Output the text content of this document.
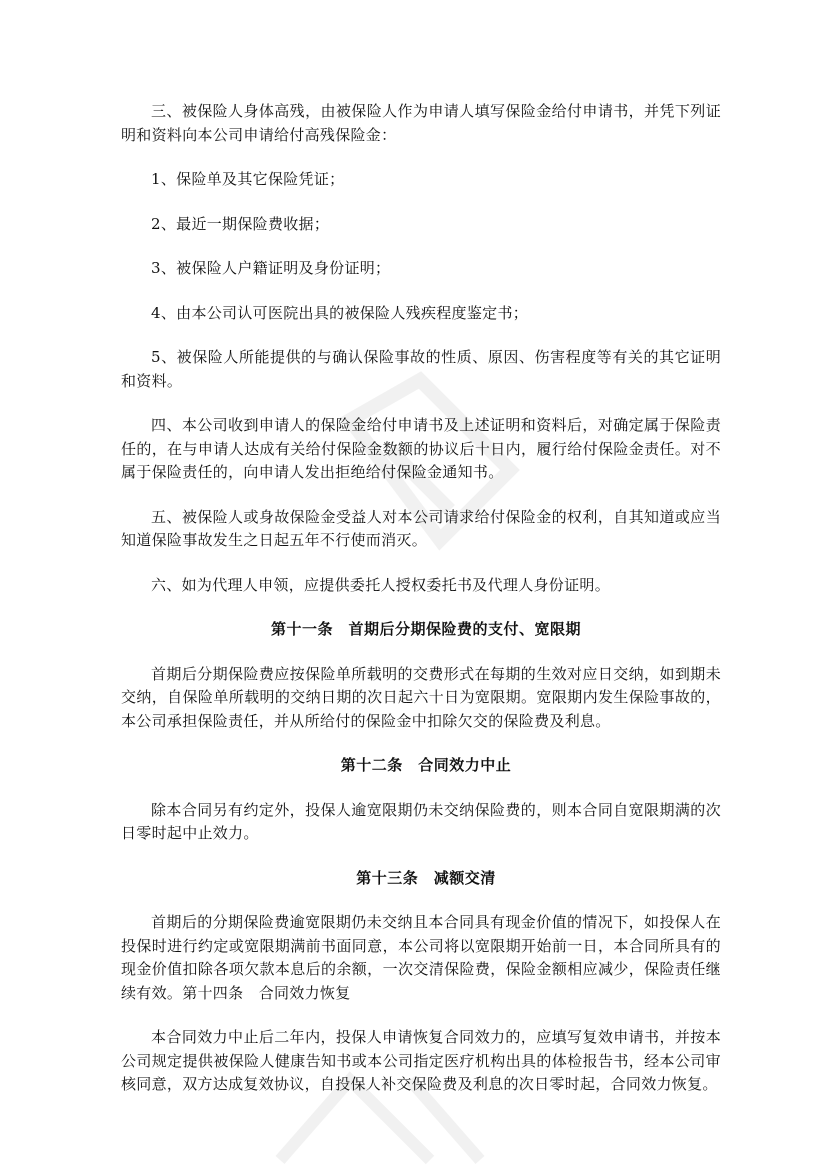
三、被保险人身体高残，由被保险人作为申请人填写保险金给付申请书，并凭下列证明和资料向本公司申请给付高残保险金：

1、保险单及其它保险凭证；

2、最近一期保险费收据；

3、被保险人户籍证明及身份证明；

4、由本公司认可医院出具的被保险人残疾程度鉴定书；

5、被保险人所能提供的与确认保险事故的性质、原因、伤害程度等有关的其它证明和资料。

四、本公司收到申请人的保险金给付申请书及上述证明和资料后，对确定属于保险责任的，在与申请人达成有关给付保险金数额的协议后十日内，履行给付保险金责任。对不属于保险责任的，向申请人发出拒绝给付保险金通知书。

五、被保险人或身故保险金受益人对本公司请求给付保险金的权利，自其知道或应当知道保险事故发生之日起五年不行使而消灭。

六、如为代理人申领，应提供委托人授权委托书及代理人身份证明。

第十一条　首期后分期保险费的支付、宽限期

首期后分期保险费应按保险单所载明的交费形式在每期的生效对应日交纳，如到期未交纳，自保险单所载明的交纳日期的次日起六十日为宽限期。宽限期内发生保险事故的，本公司承担保险责任，并从所给付的保险金中扣除欠交的保险费及利息。

第十二条　合同效力中止

除本合同另有约定外，投保人逾宽限期仍未交纳保险费的，则本合同自宽限期满的次日零时起中止效力。

第十三条　减额交清

首期后的分期保险费逾宽限期仍未交纳且本合同具有现金价值的情况下，如投保人在投保时进行约定或宽限期满前书面同意，本公司将以宽限期开始前一日，本合同所具有的现金价值扣除各项欠款本息后的余额，一次交清保险费，保险金额相应减少，保险责任继续有效。第十四条　合同效力恢复

本合同效力中止后二年内，投保人申请恢复合同效力的，应填写复效申请书，并按本公司规定提供被保险人健康告知书或本公司指定医疗机构出具的体检报告书，经本公司审核同意，双方达成复效协议，自投保人补交保险费及利息的次日零时起，合同效力恢复。
